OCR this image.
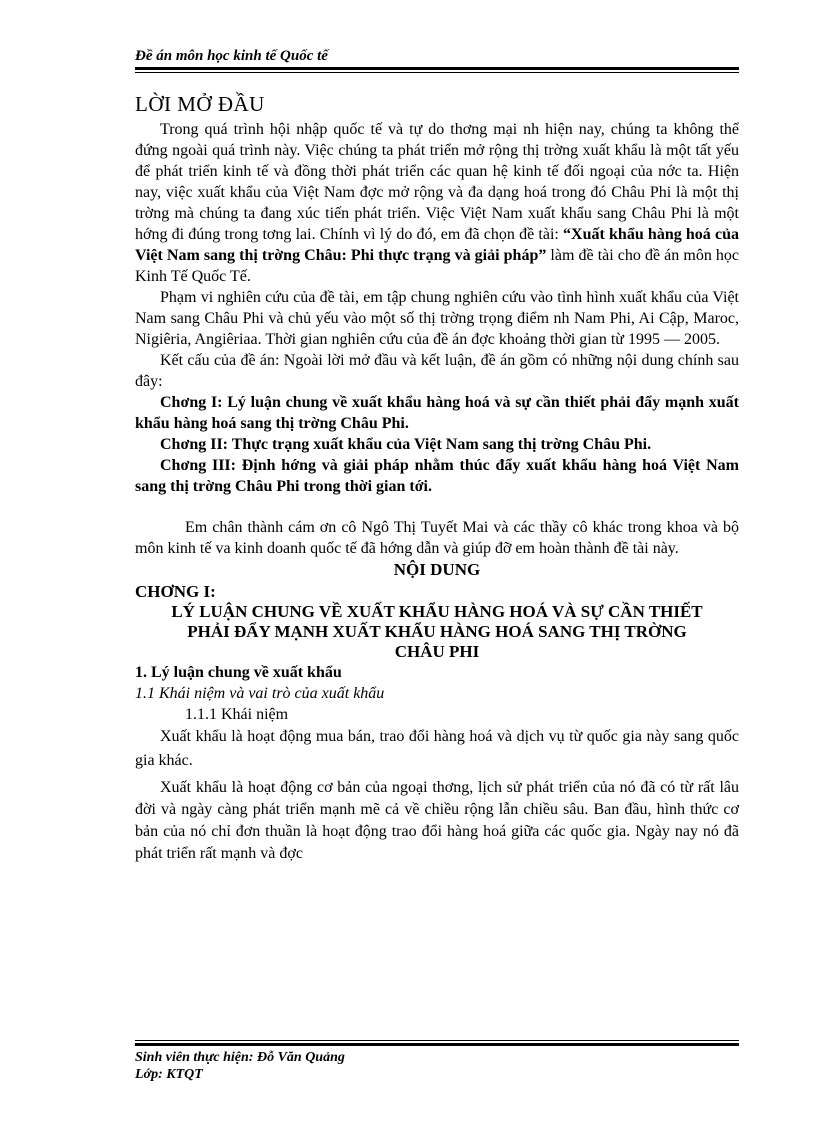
Đề án môn học kinh tế Quốc tế
LỜI MỞ ĐẦU

Trong quá trình hội nhập quốc tế và tự do thơng mại nh hiện nay, chúng ta không thể đứng ngoài quá trình này. Việc chúng ta phát triển mở rộng thị trờng xuất khẩu là một tất yếu để phát triển kinh tế và đồng thời phát triển các quan hệ kinh tế đối ngoại của nớc ta. Hiện nay, việc xuất khẩu của Việt Nam đợc mở rộng và đa dạng hoá trong đó Châu Phi là một thị trờng mà chúng ta đang xúc tiến phát triển. Việc Việt Nam xuất khẩu sang Châu Phi là một hớng đi đúng trong tơng lai. Chính vì lý do đó, em đã chọn đề tài: “Xuất khẩu hàng hoá của Việt Nam sang thị trờng Châu: Phi thực trạng và giải pháp” làm đề tài cho đề án môn học Kinh Tế Quốc Tế.

Phạm vi nghiên cứu của đề tài, em tập chung nghiên cứu vào tình hình xuất khẩu của Việt Nam sang Châu Phi và chủ yếu vào một số thị trờng trọng điểm nh Nam Phi, Ai Cập, Maroc, Nigiêria, Angiêriaa. Thời gian nghiên cứu của đề án đợc khoảng thời gian từ 1995 — 2005.

Kết cấu của đề án: Ngoài lời mở đầu và kết luận, đề án gồm có những nội dung chính sau đây:

Chơng I: Lý luận chung về xuất khẩu hàng hoá và sự cần thiết phải đẩy mạnh xuất khẩu hàng hoá sang thị trờng Châu Phi.

Chơng II: Thực trạng xuất khẩu của Việt Nam sang thị trờng Châu Phi.

Chơng III: Định hớng và giải pháp nhằm thúc đẩy xuất khẩu hàng hoá Việt Nam sang thị trờng Châu Phi trong thời gian tới.

Em chân thành cám ơn cô Ngô Thị Tuyết Mai và các thầy cô khác trong khoa và bộ môn kinh tế va kinh doanh quốc tế đã hớng dẫn và giúp đỡ em hoàn thành đề tài này.

NỘI DUNG

CHƠNG I:

LÝ LUẬN CHUNG VỀ XUẤT KHẨU HÀNG HOÁ VÀ SỰ CẦN THIẾT

PHẢI ĐẨY MẠNH XUẤT KHẨU HÀNG HOÁ SANG THỊ TRỜNG

CHÂU PHI

1. Lý luận chung về xuất khẩu

1.1 Khái niệm và vai trò của xuất khẩu

1.1.1 Khái niệm

Xuất khẩu là hoạt động mua bán, trao đổi hàng hoá và dịch vụ từ quốc gia này sang quốc gia khác.

Xuất khẩu là hoạt động cơ bản của ngoại thơng, lịch sử phát triển của nó đã có từ rất lâu đời và ngày càng phát triển mạnh mẽ cả về chiều rộng lẫn chiều sâu. Ban đầu, hình thức cơ bản của nó chỉ đơn thuần là hoạt động trao đổi hàng hoá giữa các quốc gia. Ngày nay nó đã phát triển rất mạnh và đợc

Sinh viên thực hiện: Đỗ Văn Quảng
Lớp: KTQT
